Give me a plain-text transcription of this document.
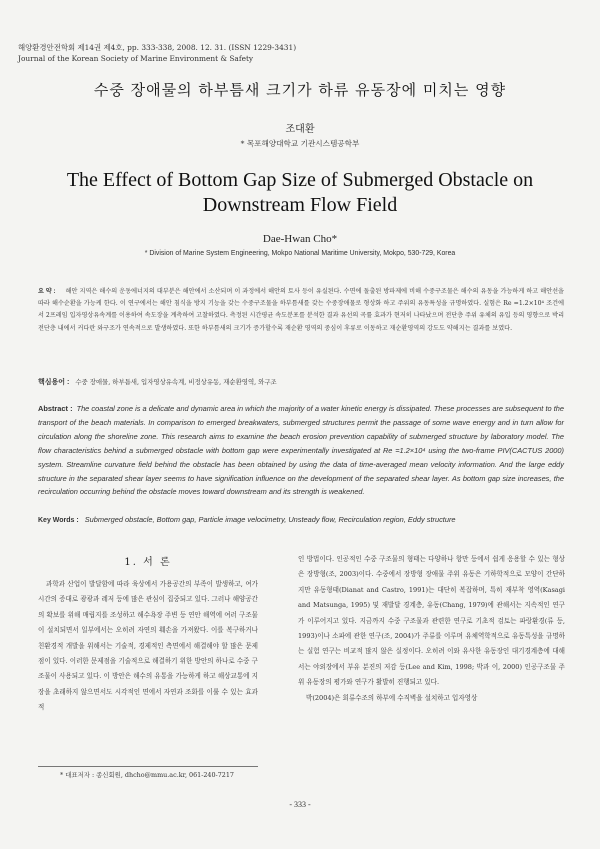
해양환경안전학회 제14권 제4호, pp. 333-338, 2008. 12. 31. (ISSN 1229-3431)
Journal of the Korean Society of Marine Environment & Safety
수중 장애물의 하부틈새 크기가 하류 유동장에 미치는 영향
조대환
* 목포해양대학교 기관시스템공학부
The Effect of Bottom Gap Size of Submerged Obstacle on
Downstream Flow Field
Dae-Hwan Cho*
* Division of Marine System Engineering, Mokpo National Maritime University, Mokpo, 530-729, Korea
요 약 : 해안 지역은 해수의 운동에너지의 대부분은 해안에서 소산되며 이 과정에서 해안의 토사 등이 유실된다. 수면에 돌출된 방파제에 비해 수중구조물은 해수의 유동을 가능하게 하고 해안선을 따라 해수순환을 가능케 한다. 이 연구에서는 해안 침식을 방지 기능을 갖는 수중구조물을 하부틈새를 갖는 수중장애물로 형상화 하고 주위의 유동특성을 규명하였다. 실험은 Re =1.2×10⁴ 조건에서 2프레임 입자영상유속계를 이용하여 속도장을 계측하여 고찰하였다. 측정된 시간평균 속도분포를 분석한 결과 유선의 곡률 효과가 현저히 나타났으며 전단층 주위 유체의 유입 등의 영향으로 박리 전단층 내에서 커다란 와구조가 연속적으로 발생하였다. 또한 하부틈새의 크기가 증가할수록 재순환 영역의 중심이 후류로 이동하고 재순환영역의 강도도 약해지는 결과를 보였다.
핵심용어 : 수중 장애물, 하부틈새, 입자영상유속계, 비정상유동, 재순환영역, 와구조
Abstract : The coastal zone is a delicate and dynamic area in which the majority of a water kinetic energy is dissipated. These processes are subsequent to the transport of the beach materials. In comparison to emerged breakwaters, submerged structures permit the passage of some wave energy and in turn allow for circulation along the shoreline zone. This research aims to examine the beach erosion prevention capability of submerged structure by laboratory model. The flow characteristics behind a submerged obstacle with bottom gap were experimentally investigated at Re =1.2×10⁴ using the two-frame PIV(CACTUS 2000) system. Streamline curvature field behind the obstacle has been obtained by using the data of time-averaged mean velocity information. And the large eddy structure in the separated shear layer seems to have signification influence on the development of the separated shear layer. As bottom gap size increases, the recirculation occurring behind the obstacle moves toward downstream and its strength is weakened.
Key Words : Submerged obstacle, Bottom gap, Particle image velocimetry, Unsteady flow, Recirculation region, Eddy structure
1. 서 론

과학과 산업이 발달함에 따라 육상에서 가용공간의 부족이 발생하고, 여가시간의 증대로 광광과 레저 등에 많은 관심이 집중되고 있다. 그러나 해양공간의 확보를 위해 매립지를 조성하고 해수욕장 주변 등 연안 해역에 여러 구조물이 설치되면서 일부에서는 오히려 자연의 훼손을 가져왔다. 이를 복구하거나 친환경적 개발을 위해서는 기술적, 경제적인 측면에서 해결해야 할 많은 문제점이 있다. 이러한 문제점을 기술적으로 해결하기 위한 방안의 하나로 수중 구조물이 사용되고 있다. 이 방안은 해수의 유통을 가능하게 하고 해상교통에 지장을 초래하지 않으면서도 시각적인 면에서 자연과 조화를 이룰 수 있는 효과적

인 방법이다. 인공적인 수중 구조물의 형태는 다양하나 항만 등에서 쉽게 응용할 수 있는 형상은 장방형(조, 2003)이다. 수중에서 장방형 장애물 주위 유동은 기하학적으로 모양이 간단하지만 유동형태(Dianat and Castro, 1991)는 대단히 복잡하며, 특히 재부착 영역(Kasagi and Matsunga, 1995) 및 재발달 경계층, 유동(Chang, 1979)에 관해서는 지속적인 연구가 이루어지고 있다. 지금까지 수중 구조물과 관련한 연구로 기초적 검토는 파랑환경(류 등, 1993)이나 소파에 관한 연구(조, 2004)가 주류를 이루며 유체역학적으로 유동특성을 규명하는 실험 연구는 비교적 많지 않은 실정이다. 오히려 이와 유사한 유동장인 대기경계층에 대해서는 야외장에서 부유 분진의 저감 등(Lee and Kim, 1998; 박과 이, 2000) 인공구조물 주위 유동장의 평가와 연구가 활발히 진행되고 있다.

박(2004)은 회류수조의 하부에 수직벽을 설치하고 입자영상

* 대표저자 : 종신회원, dhcho@mmu.ac.kr, 061-240-7217
- 333 -
